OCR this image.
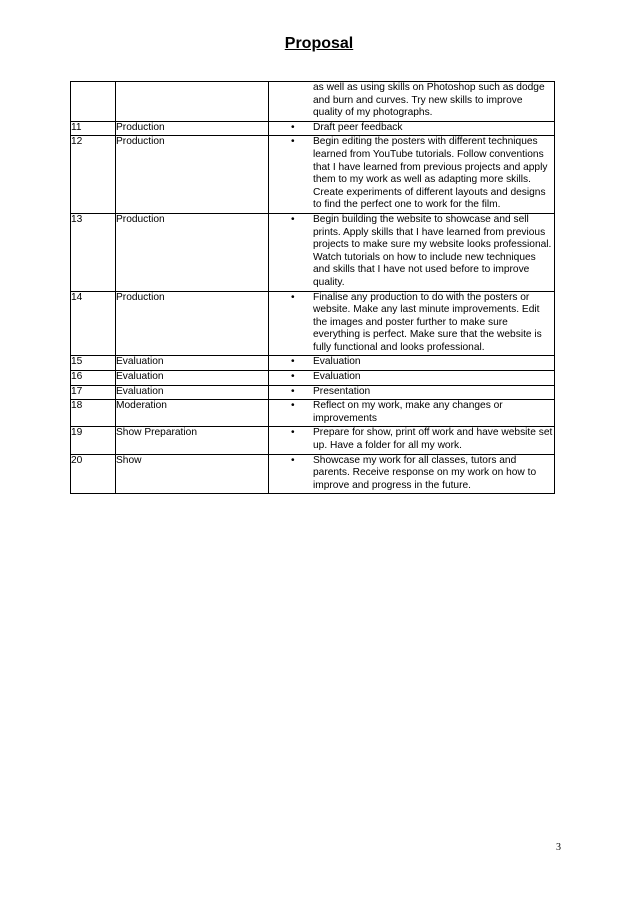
Proposal

		as well as using skills on Photoshop such as dodge and burn and curves. Try new skills to improve quality of my photographs.

11	Production	• Draft peer feedback

12	Production	• Begin editing the posters with different techniques learned from YouTube tutorials. Follow conventions that I have learned from previous projects and apply them to my work as well as adapting more skills. Create experiments of different layouts and designs to find the perfect one to work for the film.

13	Production	• Begin building the website to showcase and sell prints. Apply skills that I have learned from previous projects to make sure my website looks professional. Watch tutorials on how to include new techniques and skills that I have not used before to improve quality.

14	Production	• Finalise any production to do with the posters or website. Make any last minute improvements. Edit the images and poster further to make sure everything is perfect. Make sure that the website is fully functional and looks professional.

15	Evaluation	• Evaluation

16	Evaluation	• Evaluation

17	Evaluation	• Presentation

18	Moderation	• Reflect on my work, make any changes or improvements

19	Show Preparation	• Prepare for show, print off work and have website set up. Have a folder for all my work.

20	Show	• Showcase my work for all classes, tutors and parents. Receive response on my work on how to improve and progress in the future.
3
